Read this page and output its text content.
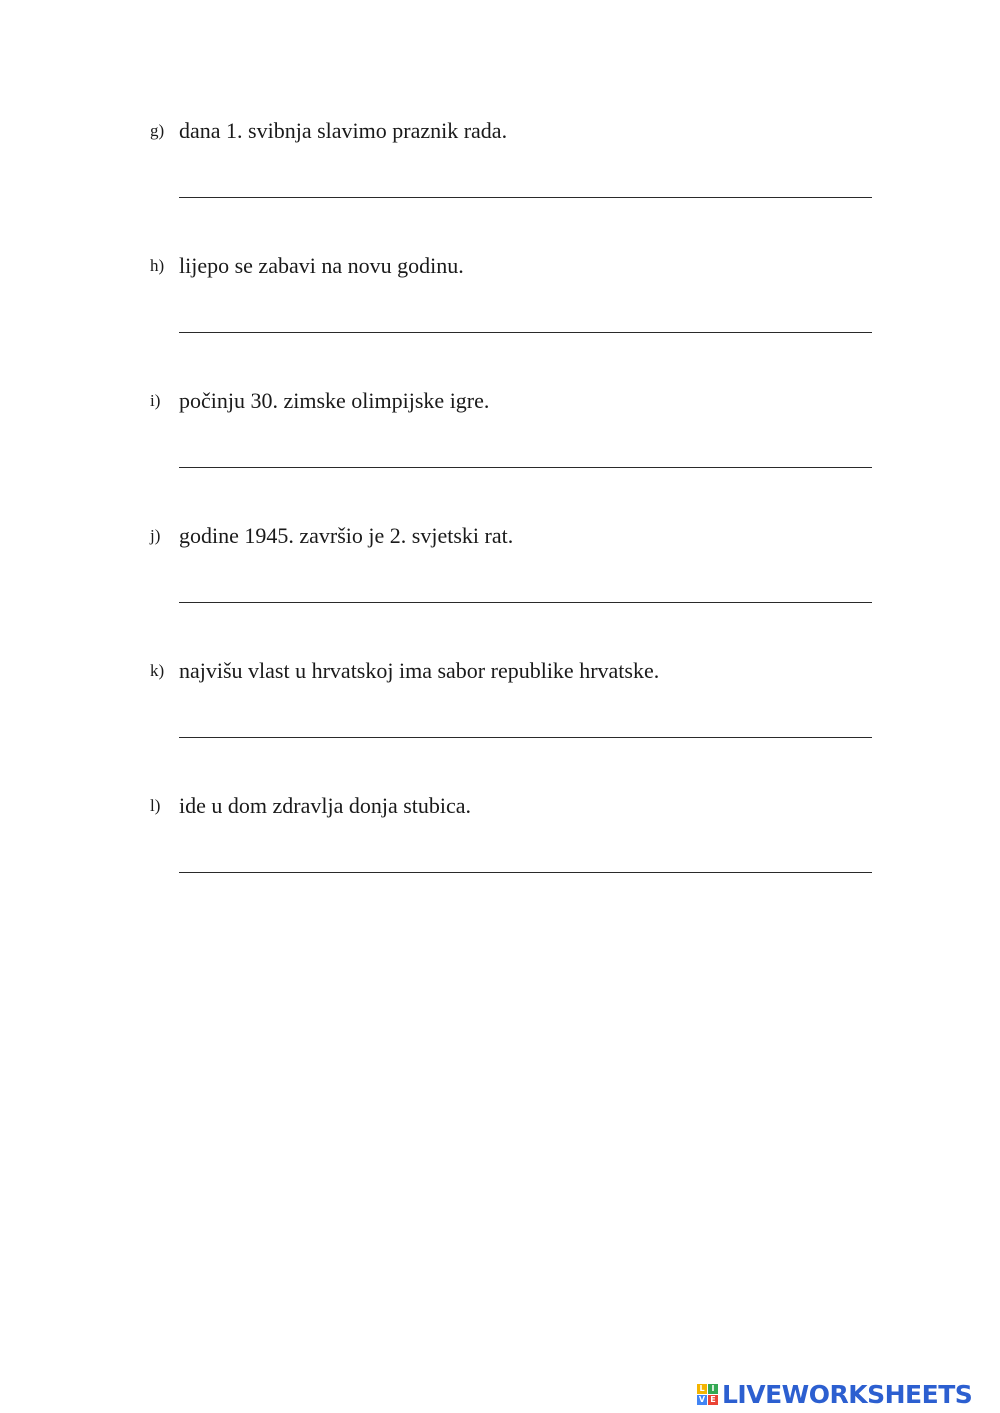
g) dana 1. svibnja slavimo praznik rada.
h) lijepo se zabavi na novu godinu.
i) počinju 30. zimske olimpijske igre.
j) godine 1945. završio je 2. svjetski rat.
k) najvišu vlast u hrvatskoj ima sabor republike hrvatske.
l) ide u dom zdravlja donja stubica.
L I
V E LIVEWORKSHEETS
